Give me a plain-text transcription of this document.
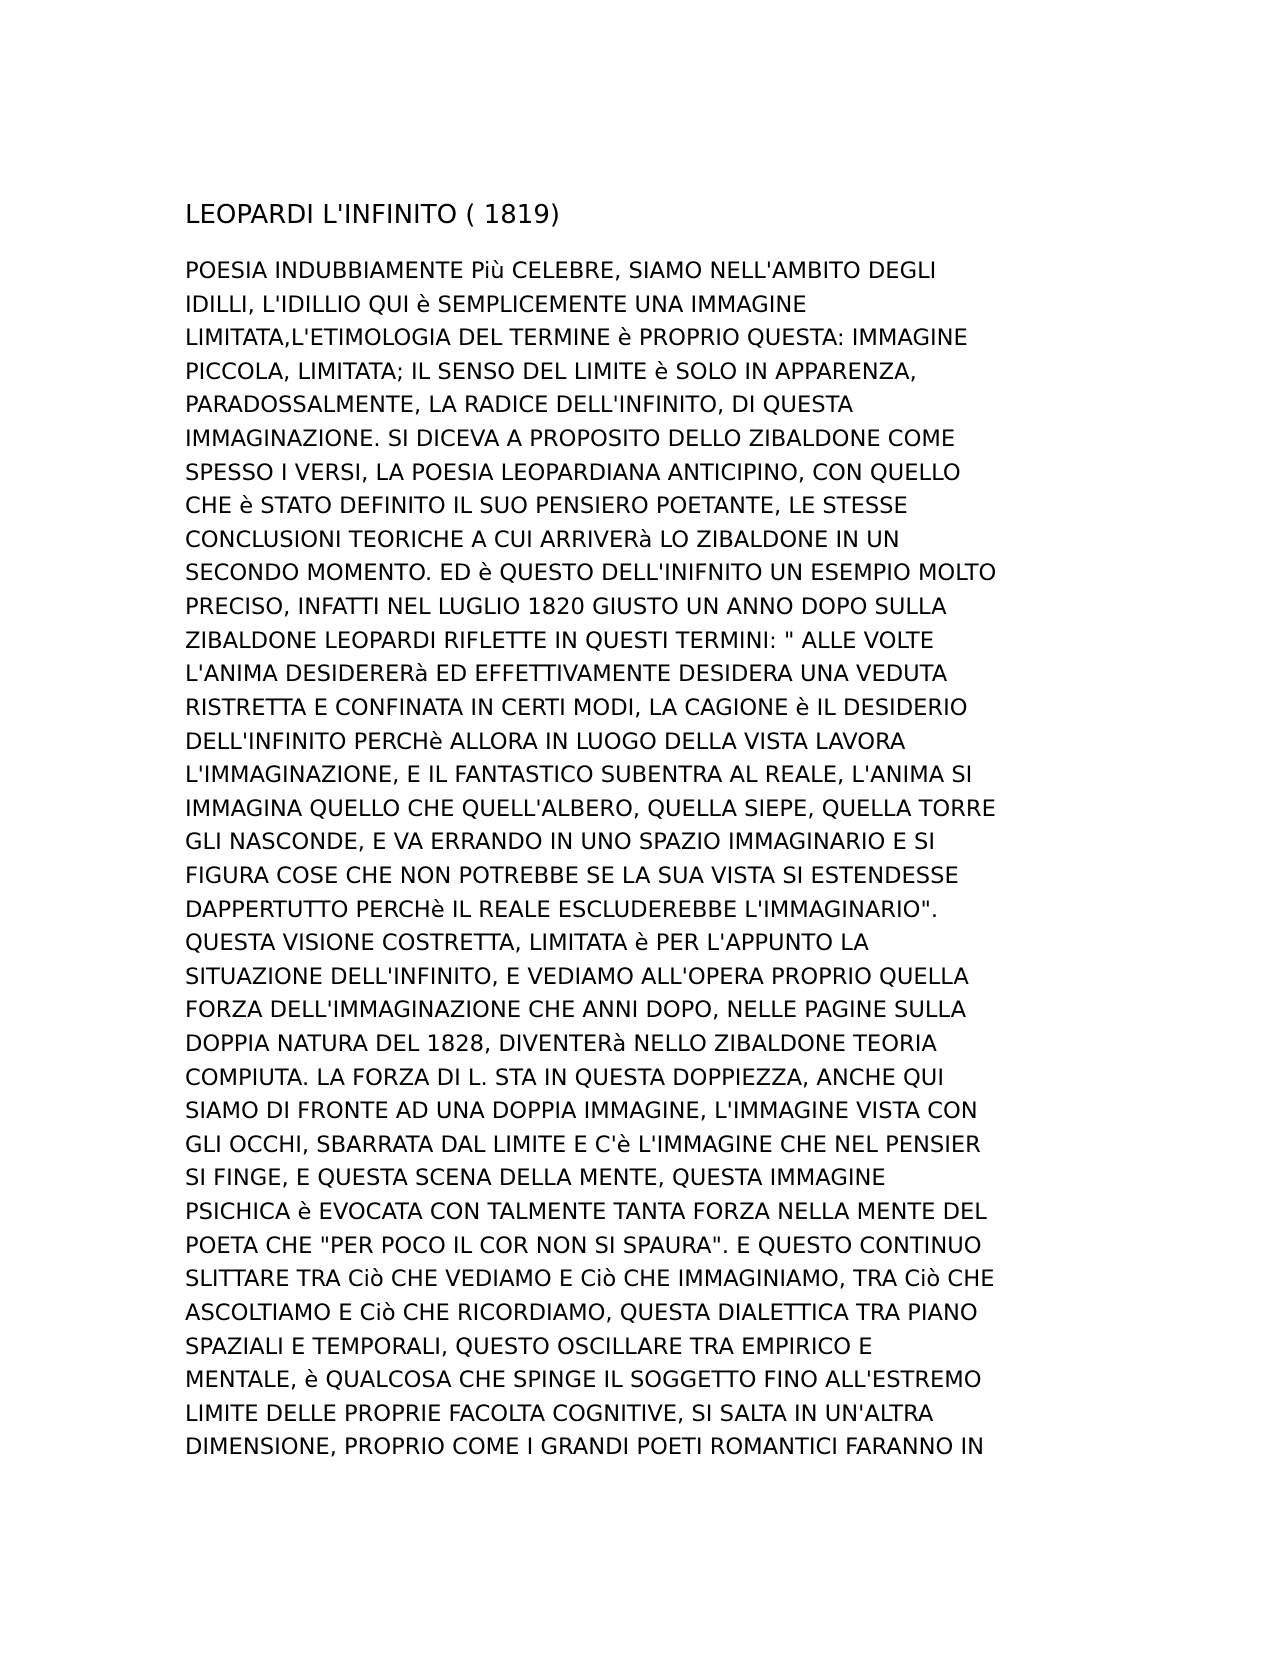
LEOPARDI L'INFINITO ( 1819)
POESIA INDUBBIAMENTE Più CELEBRE, SIAMO NELL'AMBITO DEGLI
IDILLI, L'IDILLIO QUI è SEMPLICEMENTE UNA IMMAGINE
LIMITATA,L'ETIMOLOGIA DEL TERMINE è PROPRIO QUESTA: IMMAGINE
PICCOLA, LIMITATA; IL SENSO DEL LIMITE è SOLO IN APPARENZA,
PARADOSSALMENTE, LA RADICE DELL'INFINITO, DI QUESTA
IMMAGINAZIONE. SI DICEVA A PROPOSITO DELLO ZIBALDONE COME
SPESSO I VERSI, LA POESIA LEOPARDIANA ANTICIPINO, CON QUELLO
CHE è STATO DEFINITO IL SUO PENSIERO POETANTE, LE STESSE
CONCLUSIONI TEORICHE A CUI ARRIVERà LO ZIBALDONE IN UN
SECONDO MOMENTO. ED è QUESTO DELL'INIFNITO UN ESEMPIO MOLTO
PRECISO, INFATTI NEL LUGLIO 1820 GIUSTO UN ANNO DOPO SULLA
ZIBALDONE LEOPARDI RIFLETTE IN QUESTI TERMINI: " ALLE VOLTE
L'ANIMA DESIDERERà ED EFFETTIVAMENTE DESIDERA UNA VEDUTA
RISTRETTA E CONFINATA IN CERTI MODI, LA CAGIONE è IL DESIDERIO
DELL'INFINITO PERCHè ALLORA IN LUOGO DELLA VISTA LAVORA
L'IMMAGINAZIONE, E IL FANTASTICO SUBENTRA AL REALE, L'ANIMA SI
IMMAGINA QUELLO CHE QUELL'ALBERO, QUELLA SIEPE, QUELLA TORRE
GLI NASCONDE, E VA ERRANDO IN UNO SPAZIO IMMAGINARIO E SI
FIGURA COSE CHE NON POTREBBE SE LA SUA VISTA SI ESTENDESSE
DAPPERTUTTO PERCHè IL REALE ESCLUDEREBBE L'IMMAGINARIO".
QUESTA VISIONE COSTRETTA, LIMITATA è PER L'APPUNTO LA
SITUAZIONE DELL'INFINITO, E VEDIAMO ALL'OPERA PROPRIO QUELLA
FORZA DELL'IMMAGINAZIONE CHE ANNI DOPO, NELLE PAGINE SULLA
DOPPIA NATURA DEL 1828, DIVENTERà NELLO ZIBALDONE TEORIA
COMPIUTA. LA FORZA DI L. STA IN QUESTA DOPPIEZZA, ANCHE QUI
SIAMO DI FRONTE AD UNA DOPPIA IMMAGINE, L'IMMAGINE VISTA CON
GLI OCCHI, SBARRATA DAL LIMITE E C'è L'IMMAGINE CHE NEL PENSIER
SI FINGE, E QUESTA SCENA DELLA MENTE, QUESTA IMMAGINE
PSICHICA è EVOCATA CON TALMENTE TANTA FORZA NELLA MENTE DEL
POETA CHE "PER POCO IL COR NON SI SPAURA". E QUESTO CONTINUO
SLITTARE TRA Ciò CHE VEDIAMO E Ciò CHE IMMAGINIAMO, TRA Ciò CHE
ASCOLTIAMO E Ciò CHE RICORDIAMO, QUESTA DIALETTICA TRA PIANO
SPAZIALI E TEMPORALI, QUESTO OSCILLARE TRA EMPIRICO E
MENTALE, è QUALCOSA CHE SPINGE IL SOGGETTO FINO ALL'ESTREMO
LIMITE DELLE PROPRIE FACOLTA COGNITIVE, SI SALTA IN UN'ALTRA
DIMENSIONE, PROPRIO COME I GRANDI POETI ROMANTICI FARANNO IN
